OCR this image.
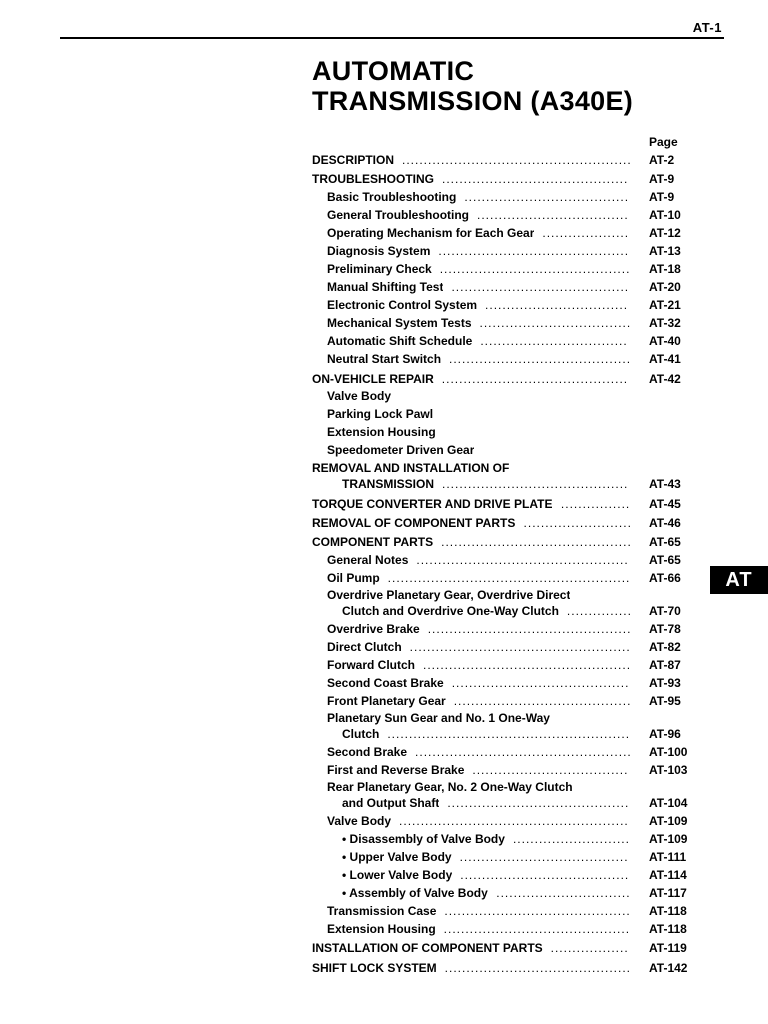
AT-1
AUTOMATIC
TRANSMISSION (A340E)
Page
DESCRIPTION ..................................................... AT-2
TROUBLESHOOTING ........................................... AT-9
Basic Troubleshooting ...................................... AT-9
General Troubleshooting ................................... AT-10
Operating Mechanism for Each Gear .................... AT-12
Diagnosis System ............................................ AT-13
Preliminary Check ............................................ AT-18
Manual Shifting Test ......................................... AT-20
Electronic Control System ................................. AT-21
Mechanical System Tests ................................... AT-32
Automatic Shift Schedule .................................. AT-40
Neutral Start Switch .......................................... AT-41
ON-VEHICLE REPAIR ........................................... AT-42
Valve Body
Parking Lock Pawl
Extension Housing
Speedometer Driven Gear
REMOVAL AND INSTALLATION OF
TRANSMISSION ........................................... AT-43
TORQUE CONVERTER AND DRIVE PLATE ................ AT-45
REMOVAL OF COMPONENT PARTS ......................... AT-46
COMPONENT PARTS ............................................ AT-65
General Notes ................................................. AT-65
Oil Pump ........................................................ AT-66
Overdrive Planetary Gear, Overdrive Direct
Clutch and Overdrive One-Way Clutch ............... AT-70
Overdrive Brake ............................................... AT-78
Direct Clutch ................................................... AT-82
Forward Clutch ................................................ AT-87
Second Coast Brake ......................................... AT-93
Front Planetary Gear ......................................... AT-95
Planetary Sun Gear and No. 1 One-Way
Clutch ........................................................ AT-96
Second Brake .................................................. AT-100
First and Reverse Brake .................................... AT-103
Rear Planetary Gear, No. 2 One-Way Clutch
and Output Shaft .......................................... AT-104
Valve Body ..................................................... AT-109
• Disassembly of Valve Body ........................... AT-109
• Upper Valve Body ....................................... AT-111
• Lower Valve Body ....................................... AT-114
• Assembly of Valve Body ............................... AT-117
Transmission Case ........................................... AT-118
Extension Housing ........................................... AT-118
INSTALLATION OF COMPONENT PARTS .................. AT-119
SHIFT LOCK SYSTEM ........................................... AT-142
AT
